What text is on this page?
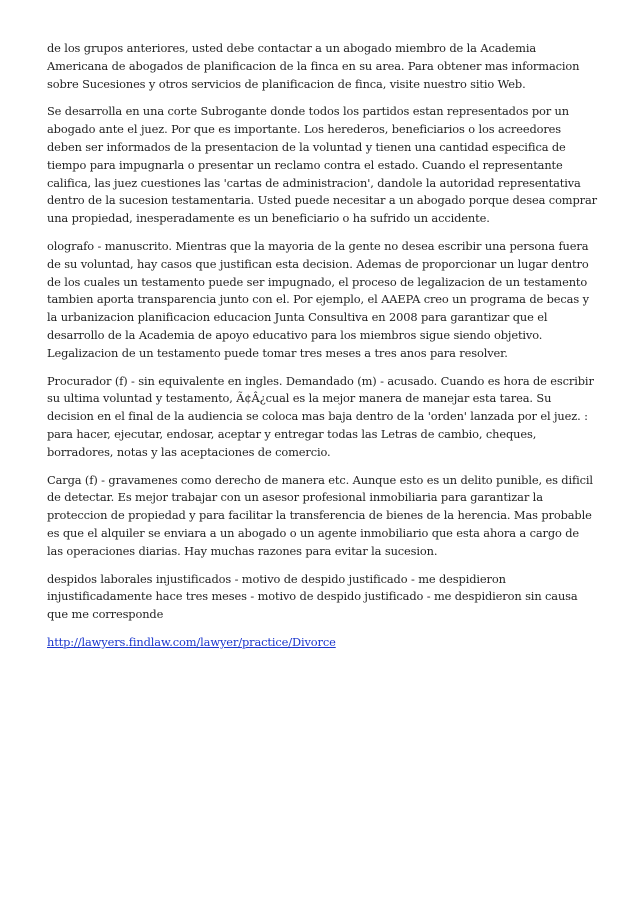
de los grupos anteriores, usted debe contactar a un abogado miembro de la Academia Americana de abogados de planificacion de la finca en su area. Para obtener mas informacion sobre Sucesiones y otros servicios de planificacion de finca, visite nuestro sitio Web.

Se desarrolla en una corte Subrogante donde todos los partidos estan representados por un abogado ante el juez. Por que es importante. Los herederos, beneficiarios o los acreedores deben ser informados de la presentacion de la voluntad y tienen una cantidad especifica de tiempo para impugnarla o presentar un reclamo contra el estado. Cuando el representante califica, las juez cuestiones las 'cartas de administracion', dandole la autoridad representativa dentro de la sucesion testamentaria. Usted puede necesitar a un abogado porque desea comprar una propiedad, inesperadamente es un beneficiario o ha sufrido un accidente.

olografo - manuscrito. Mientras que la mayoria de la gente no desea escribir una persona fuera de su voluntad, hay casos que justifican esta decision. Ademas de proporcionar un lugar dentro de los cuales un testamento puede ser impugnado, el proceso de legalizacion de un testamento tambien aporta transparencia junto con el. Por ejemplo, el AAEPA creo un programa de becas y la urbanizacion planificacion educacion Junta Consultiva en 2008 para garantizar que el desarrollo de la Academia de apoyo educativo para los miembros sigue siendo objetivo. Legalizacion de un testamento puede tomar tres meses a tres anos para resolver.

Procurador (f) - sin equivalente en ingles. Demandado (m) - acusado. Cuando es hora de escribir su ultima voluntad y testamento, Ã¢Â¿cual es la mejor manera de manejar esta tarea. Su decision en el final de la audiencia se coloca mas baja dentro de la 'orden' lanzada por el juez. : para hacer, ejecutar, endosar, aceptar y entregar todas las Letras de cambio, cheques, borradores, notas y las aceptaciones de comercio.

Carga (f) - gravamenes como derecho de manera etc. Aunque esto es un delito punible, es dificil de detectar. Es mejor trabajar con un asesor profesional inmobiliaria para garantizar la proteccion de propiedad y para facilitar la transferencia de bienes de la herencia. Mas probable es que el alquiler se enviara a un abogado o un agente inmobiliario que esta ahora a cargo de las operaciones diarias. Hay muchas razones para evitar la sucesion.

despidos laborales injustificados - motivo de despido justificado - me despidieron injustificadamente hace tres meses - motivo de despido justificado - me despidieron sin causa que me corresponde

http://lawyers.findlaw.com/lawyer/practice/Divorce
